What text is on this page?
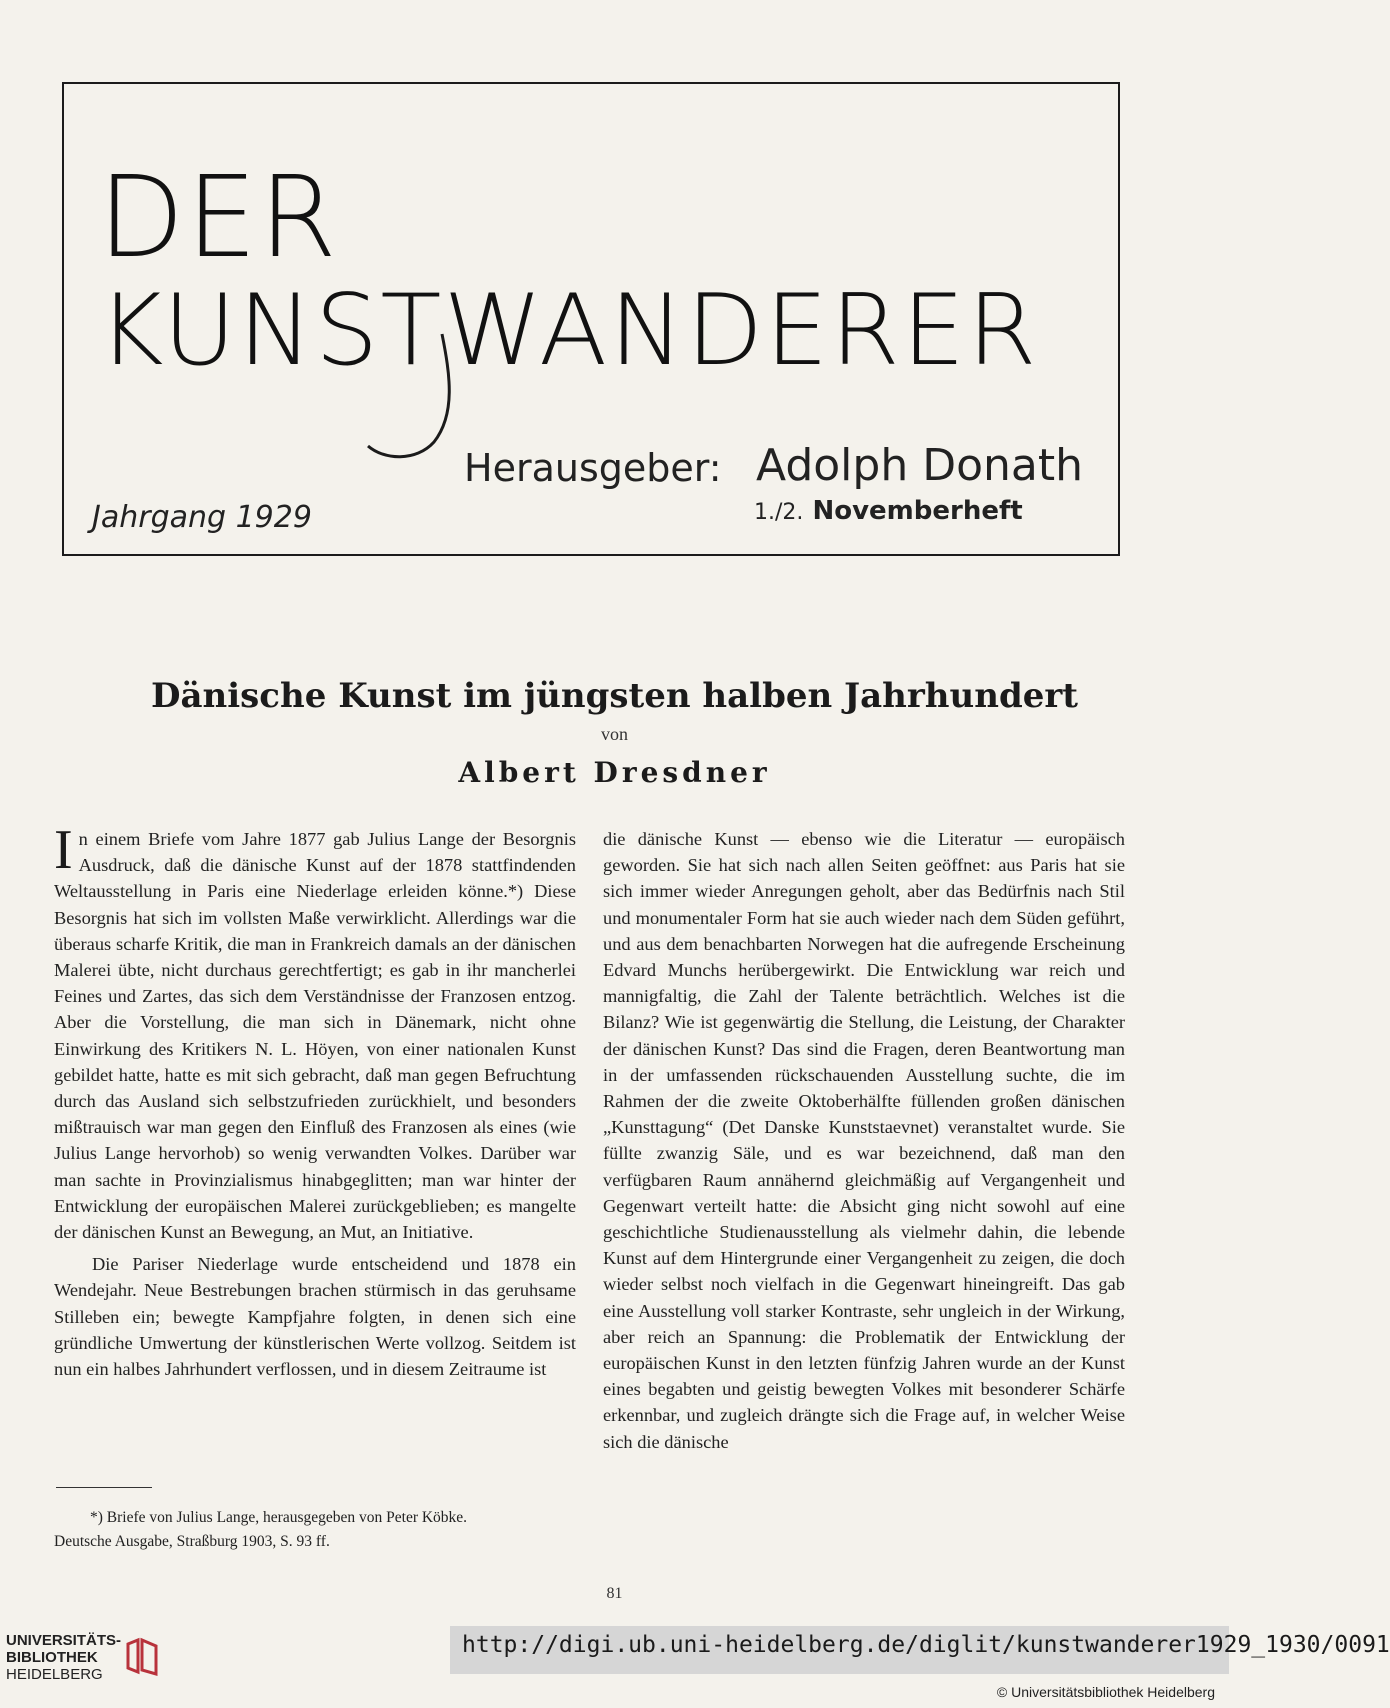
DER
KUNSTWANDERER
Herausgeber: Adolph Donath
Jahrgang 1929	1./2. Novemberheft
Dänische Kunst im jüngsten halben Jahrhundert
von
Albert Dresdner

In einem Briefe vom Jahre 1877 gab Julius Lange der Besorgnis Ausdruck, daß die dänische Kunst auf der 1878 stattfindenden Weltausstellung in Paris eine Niederlage erleiden könne.*) Diese Besorgnis hat sich im vollsten Maße verwirklicht. Allerdings war die überaus scharfe Kritik, die man in Frankreich damals an der dänischen Malerei übte, nicht durchaus gerechtfertigt; es gab in ihr mancherlei Feines und Zartes, das sich dem Verständnisse der Franzosen entzog. Aber die Vorstellung, die man sich in Dänemark, nicht ohne Einwirkung des Kritikers N. L. Höyen, von einer nationalen Kunst gebildet hatte, hatte es mit sich gebracht, daß man gegen Befruchtung durch das Ausland sich selbstzufrieden zurückhielt, und besonders mißtrauisch war man gegen den Einfluß des Franzosen als eines (wie Julius Lange hervorhob) so wenig verwandten Volkes. Darüber war man sachte in Provinzialismus hinabgeglitten; man war hinter der Entwicklung der europäischen Malerei zurückgeblieben; es mangelte der dänischen Kunst an Bewegung, an Mut, an Initiative.

Die Pariser Niederlage wurde entscheidend und 1878 ein Wendejahr. Neue Bestrebungen brachen stürmisch in das geruhsame Stilleben ein; bewegte Kampfjahre folgten, in denen sich eine gründliche Umwertung der künstlerischen Werte vollzog. Seitdem ist nun ein halbes Jahrhundert verflossen, und in diesem Zeitraume ist

die dänische Kunst — ebenso wie die Literatur — europäisch geworden. Sie hat sich nach allen Seiten geöffnet: aus Paris hat sie sich immer wieder Anregungen geholt, aber das Bedürfnis nach Stil und monumentaler Form hat sie auch wieder nach dem Süden geführt, und aus dem benachbarten Norwegen hat die aufregende Erscheinung Edvard Munchs herübergewirkt. Die Entwicklung war reich und mannigfaltig, die Zahl der Talente beträchtlich. Welches ist die Bilanz? Wie ist gegenwärtig die Stellung, die Leistung, der Charakter der dänischen Kunst? Das sind die Fragen, deren Beantwortung man in der umfassenden rückschauenden Ausstellung suchte, die im Rahmen der die zweite Oktoberhälfte füllenden großen dänischen „Kunsttagung“ (Det Danske Kunststaevnet) veranstaltet wurde. Sie füllte zwanzig Säle, und es war bezeichnend, daß man den verfügbaren Raum annähernd gleichmäßig auf Vergangenheit und Gegenwart verteilt hatte: die Absicht ging nicht sowohl auf eine geschichtliche Studienausstellung als vielmehr dahin, die lebende Kunst auf dem Hintergrunde einer Vergangenheit zu zeigen, die doch wieder selbst noch vielfach in die Gegenwart hineingreift. Das gab eine Ausstellung voll starker Kontraste, sehr ungleich in der Wirkung, aber reich an Spannung: die Problematik der Entwicklung der europäischen Kunst in den letzten fünfzig Jahren wurde an der Kunst eines begabten und geistig bewegten Volkes mit besonderer Schärfe erkennbar, und zugleich drängte sich die Frage auf, in welcher Weise sich die dänische

*) Briefe von Julius Lange, herausgegeben von Peter Köbke.

Deutsche Ausgabe, Straßburg 1903, S. 93 ff.
81
UNIVERSITÄTS-
BIBLIOTHEK
HEIDELBERG
http://digi.ub.uni-heidelberg.de/diglit/kunstwanderer1929_1930/0091
© Universitätsbibliothek Heidelberg
